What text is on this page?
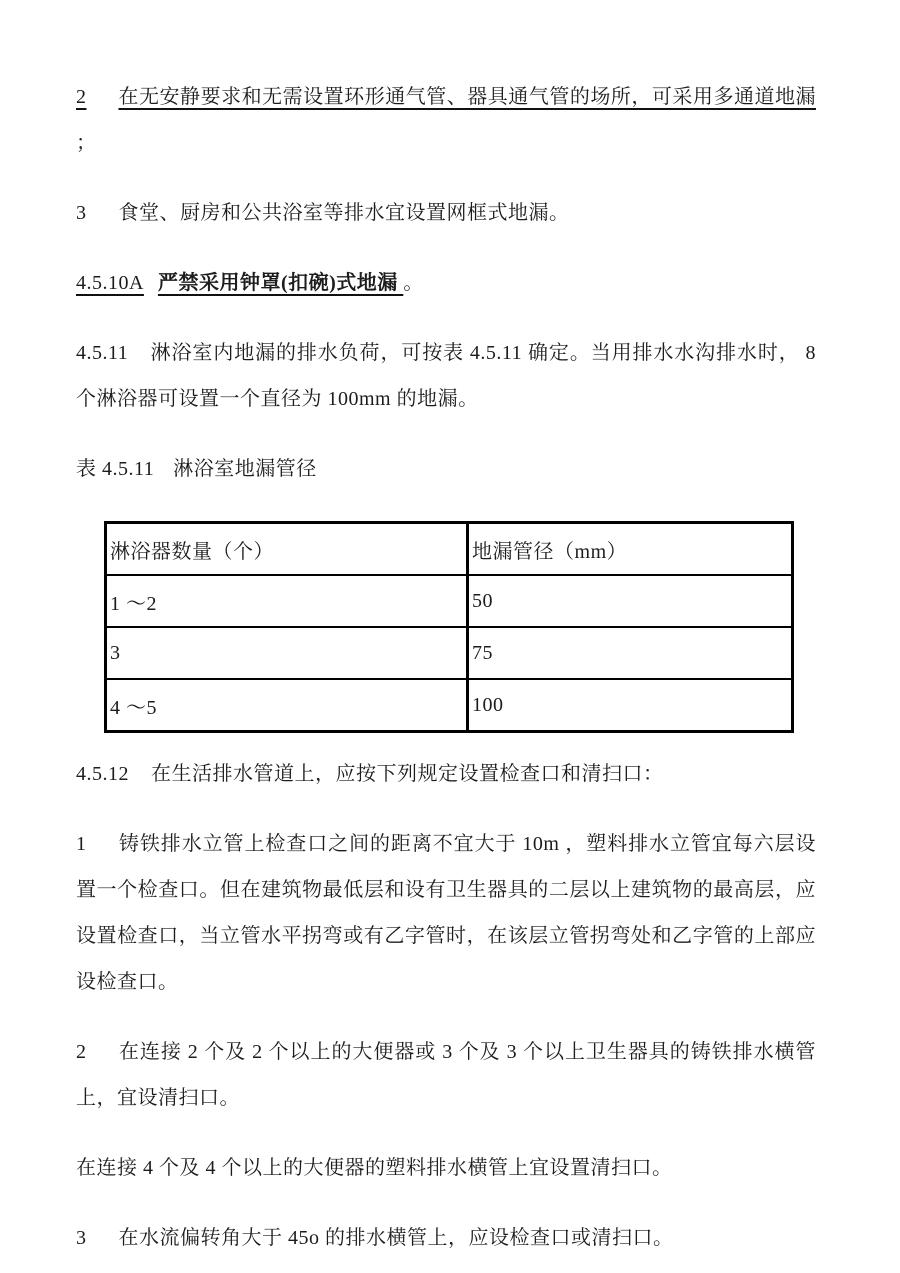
2 在无安静要求和无需设置环形通气管、器具通气管的场所，可采用多通道地漏 ；

3 食堂、厨房和公共浴室等排水宜设置网框式地漏。

4.5.10A 严禁采用钟罩(扣碗)式地漏 。

4.5.11 淋浴室内地漏的排水负荷，可按表 4.5.11 确定。当用排水水沟排水时， 8 个淋浴器可设置一个直径为 100mm 的地漏。

表 4.5.11 淋浴室地漏管径

淋浴器数量（个）	地漏管径（mm）
1 ～2	50
3	75
4 ～5	100

4.5.12 在生活排水管道上，应按下列规定设置检查口和清扫口：

1 铸铁排水立管上检查口之间的距离不宜大于 10m ，塑料排水立管宜每六层设置一个检查口。但在建筑物最低层和设有卫生器具的二层以上建筑物的最高层，应设置检查口，当立管水平拐弯或有乙字管时，在该层立管拐弯处和乙字管的上部应设检查口。

2 在连接 2 个及 2 个以上的大便器或 3 个及 3 个以上卫生器具的铸铁排水横管上，宜设清扫口。

在连接 4 个及 4 个以上的大便器的塑料排水横管上宜设置清扫口。

3 在水流偏转角大于 45o 的排水横管上，应设检查口或清扫口。
